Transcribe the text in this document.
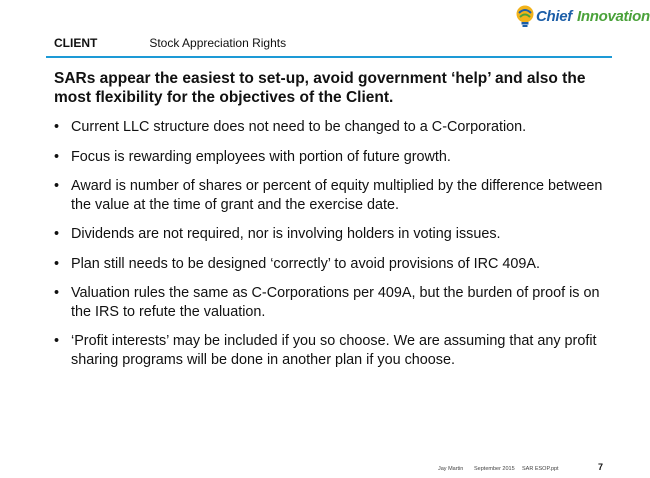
Chief Innovation
CLIENT	Stock Appreciation Rights
SARs appear the easiest to set-up, avoid government ‘help’ and also the most flexibility for the objectives of the Client.
• Current LLC structure does not need to be changed to a C-Corporation.
• Focus is rewarding employees with portion of future growth.
• Award is number of shares or percent of equity multiplied by the difference between the value at the time of grant and the exercise date.
• Dividends are not required, nor is involving holders in voting issues.
• Plan still needs to be designed ‘correctly’ to avoid provisions of IRC 409A.
• Valuation rules the same as C-Corporations per 409A, but the burden of proof is on the IRS to refute the valuation.
• ‘Profit interests’ may be included if you so choose. We are assuming that any profit sharing programs will be done in another plan if you choose.
Jay Martin September 2015 SAR ESOP.ppt	7
